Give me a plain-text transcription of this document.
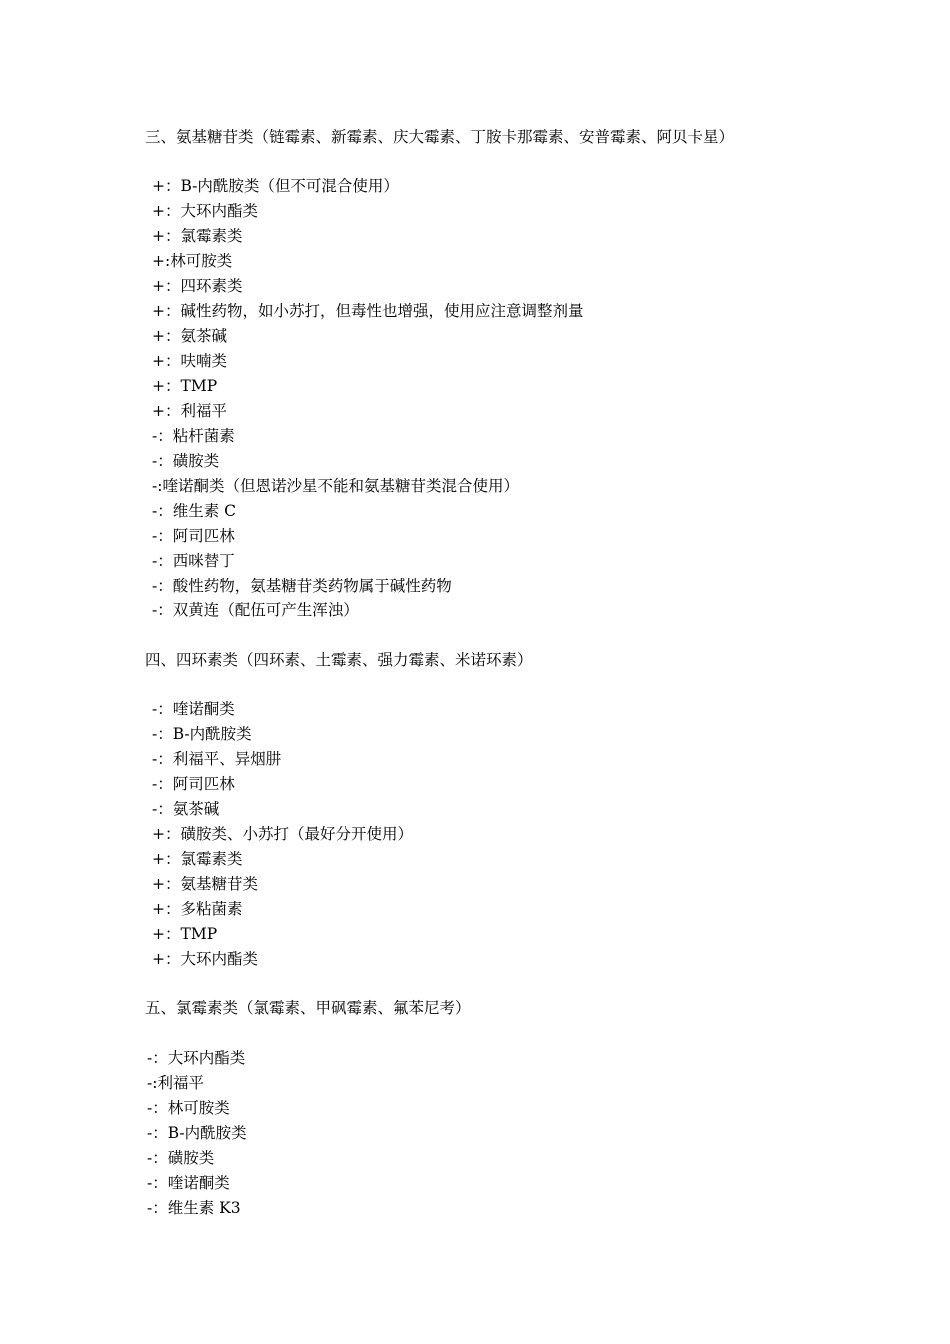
三、氨基糖苷类（链霉素、新霉素、庆大霉素、丁胺卡那霉素、安普霉素、阿贝卡星）
+：B-内酰胺类（但不可混合使用）
+：大环内酯类
+：氯霉素类
+:林可胺类
+：四环素类
+：碱性药物，如小苏打，但毒性也增强，使用应注意调整剂量
+：氨茶碱
+：呋喃类
+：TMP
+：利福平
-：粘杆菌素
-：磺胺类
-:喹诺酮类（但恩诺沙星不能和氨基糖苷类混合使用）
-：维生素 C
-：阿司匹林
-：西咪替丁
-：酸性药物，氨基糖苷类药物属于碱性药物
-：双黄连（配伍可产生浑浊）
四、四环素类（四环素、土霉素、强力霉素、米诺环素）
-：喹诺酮类
-：B-内酰胺类
-：利福平、异烟肼
-：阿司匹林
-：氨茶碱
+：磺胺类、小苏打（最好分开使用）
+：氯霉素类
+：氨基糖苷类
+：多粘菌素
+：TMP
+：大环内酯类
五、氯霉素类（氯霉素、甲砜霉素、氟苯尼考）
-：大环内酯类
-:利福平
-：林可胺类
-：B-内酰胺类
-：磺胺类
-：喹诺酮类
-：维生素 K3
